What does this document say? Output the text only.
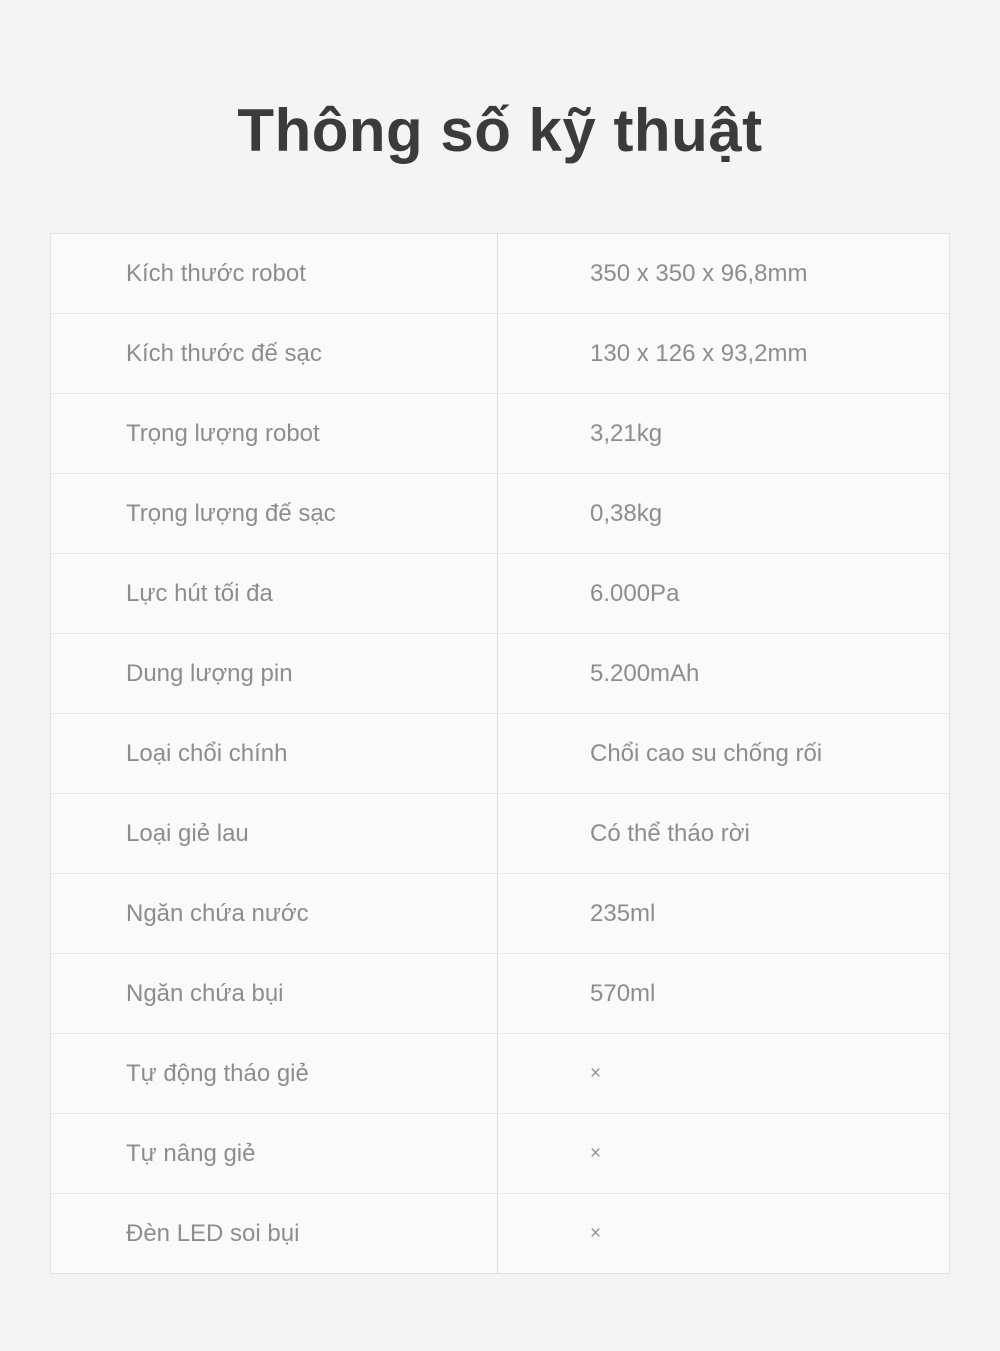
Thông số kỹ thuật
Kích thước robot	350 x 350 x 96,8mm
Kích thước đế sạc	130 x 126 x 93,2mm
Trọng lượng robot	3,21kg
Trọng lượng đế sạc	0,38kg
Lực hút tối đa	6.000Pa
Dung lượng pin	5.200mAh
Loại chổi chính	Chổi cao su chống rối
Loại giẻ lau	Có thể tháo rời
Ngăn chứa nước	235ml
Ngăn chứa bụi	570ml
Tự động tháo giẻ	×
Tự nâng giẻ	×
Đèn LED soi bụi	×
